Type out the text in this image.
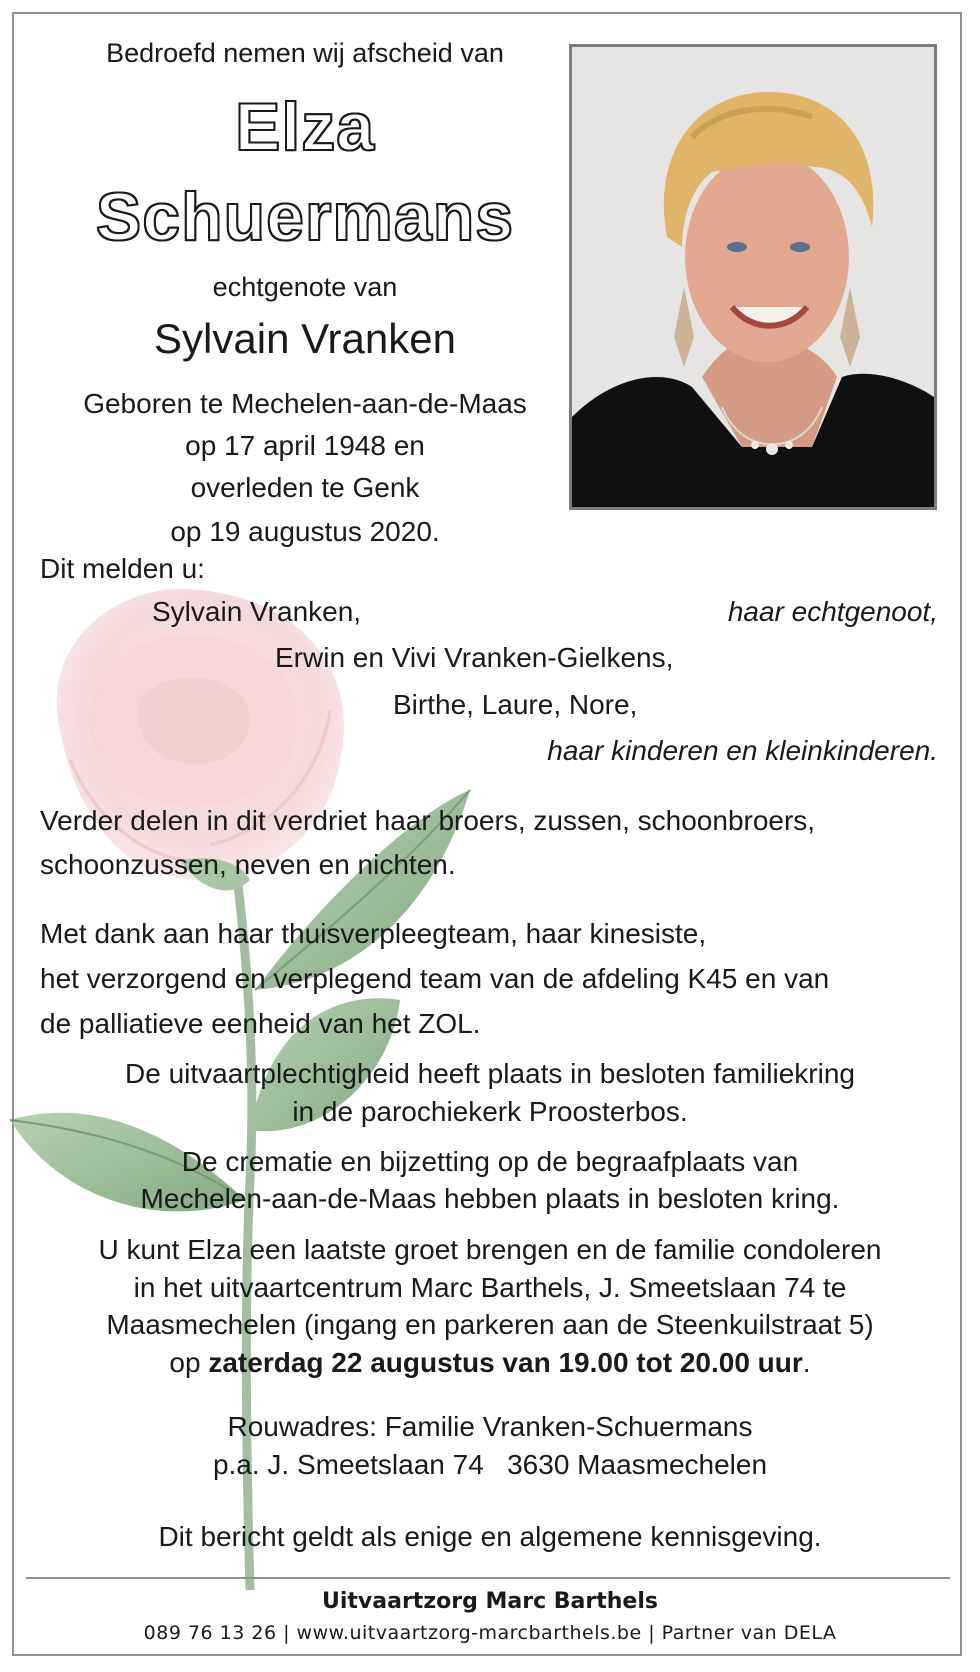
Bedroefd nemen wij afscheid van
Elza
Schuermans
echtgenote van
Sylvain Vranken
Geboren te Mechelen-aan-de-Maas
op 17 april 1948 en
overleden te Genk
op 19 augustus 2020.
Dit melden u:
Sylvain Vranken,	haar echtgenoot,
Erwin en Vivi Vranken-Gielkens,
Birthe, Laure, Nore,
haar kinderen en kleinkinderen.
Verder delen in dit verdriet haar broers, zussen, schoonbroers,
schoonzussen, neven en nichten.
Met dank aan haar thuisverpleegteam, haar kinesiste,
het verzorgend en verplegend team van de afdeling K45 en van
de palliatieve eenheid van het ZOL.
De uitvaartplechtigheid heeft plaats in besloten familiekring
in de parochiekerk Proosterbos.
De crematie en bijzetting op de begraafplaats van
Mechelen-aan-de-Maas hebben plaats in besloten kring.
U kunt Elza een laatste groet brengen en de familie condoleren
in het uitvaartcentrum Marc Barthels, J. Smeetslaan 74 te
Maasmechelen (ingang en parkeren aan de Steenkuilstraat 5)
op zaterdag 22 augustus van 19.00 tot 20.00 uur.
Rouwadres: Familie Vranken-Schuermans
p.a. J. Smeetslaan 74   3630 Maasmechelen
Dit bericht geldt als enige en algemene kennisgeving.
Uitvaartzorg Marc Barthels
089 76 13 26 | www.uitvaartzorg-marcbarthels.be | Partner van DELA
